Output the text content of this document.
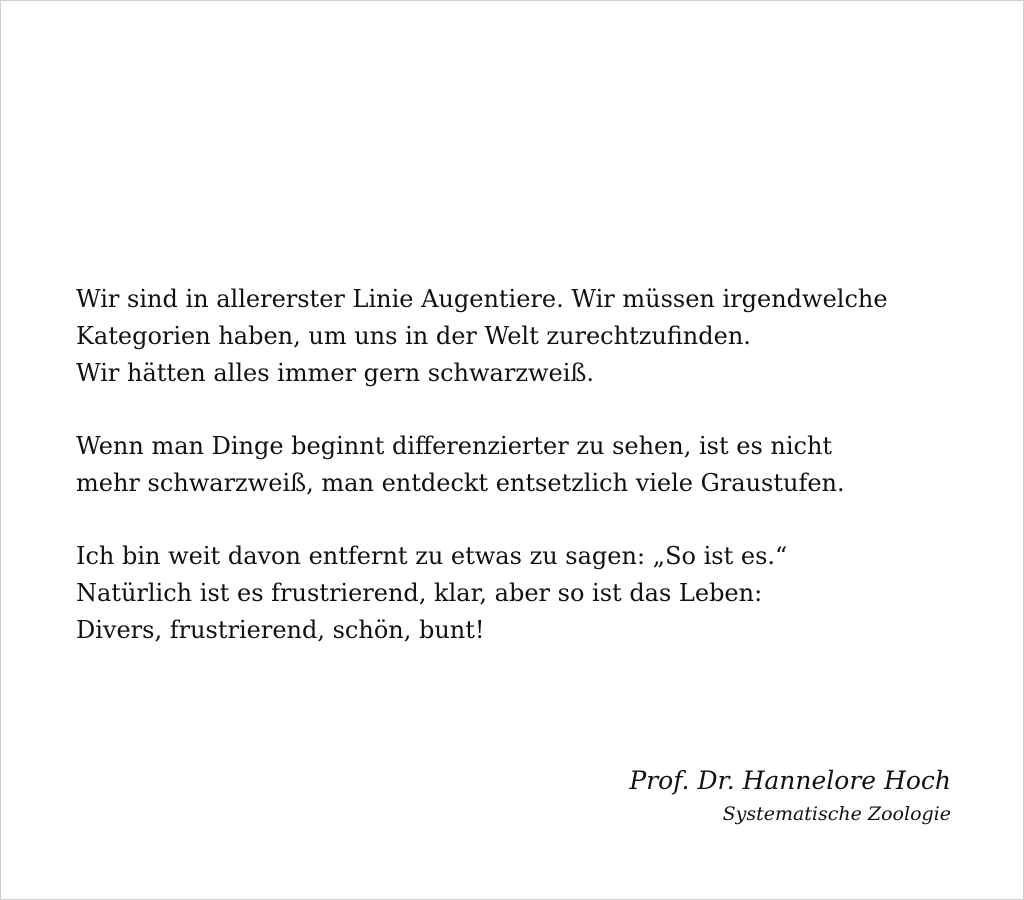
Wir sind in allererster Linie Augentiere. Wir müssen irgendwelche
Kategorien haben, um uns in der Welt zurechtzufinden.
Wir hätten alles immer gern schwarzweiß.

Wenn man Dinge beginnt differenzierter zu sehen, ist es nicht
mehr schwarzweiß, man entdeckt entsetzlich viele Graustufen.

Ich bin weit davon entfernt zu etwas zu sagen: „So ist es.“
Natürlich ist es frustrierend, klar, aber so ist das Leben:
Divers, frustrierend, schön, bunt!

Prof. Dr. Hannelore Hoch
Systematische Zoologie
